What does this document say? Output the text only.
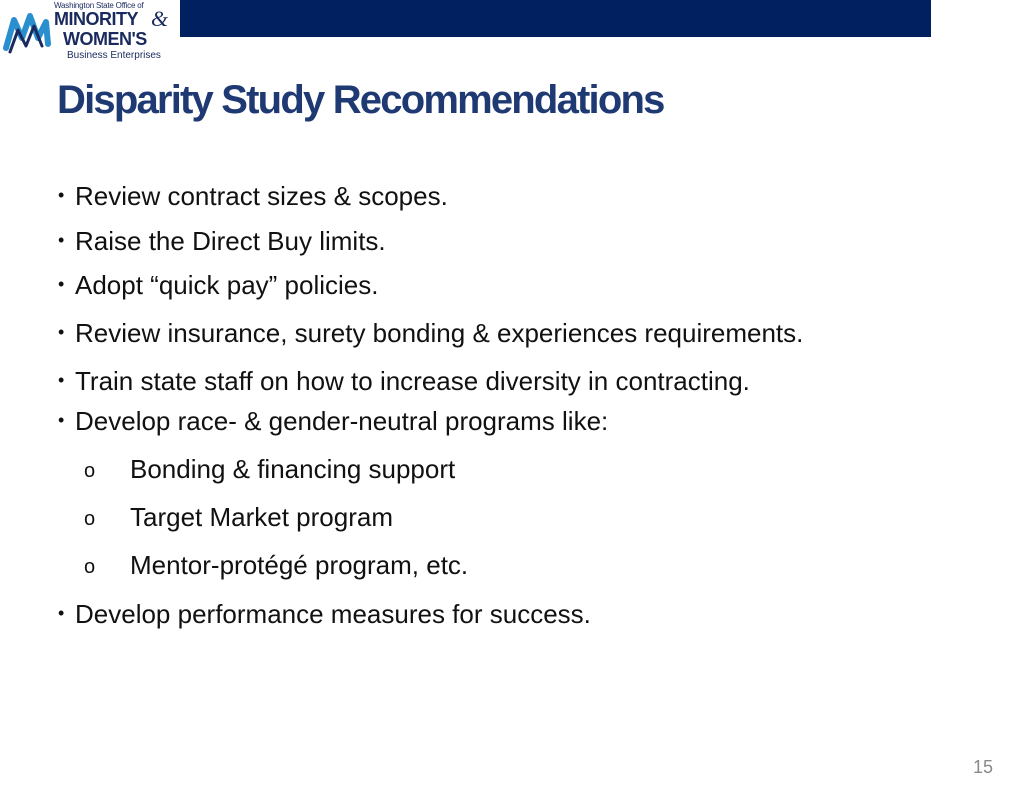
Washington State Office of
MINORITY &
WOMEN'S
Business Enterprises
Disparity Study Recommendations
• Review contract sizes & scopes.
• Raise the Direct Buy limits.
• Adopt “quick pay” policies.
• Review insurance, surety bonding & experiences requirements.
• Train state staff on how to increase diversity in contracting.
• Develop race- & gender-neutral programs like:
o Bonding & financing support
o Target Market program
o Mentor-protégé program, etc.
• Develop performance measures for success.
15
